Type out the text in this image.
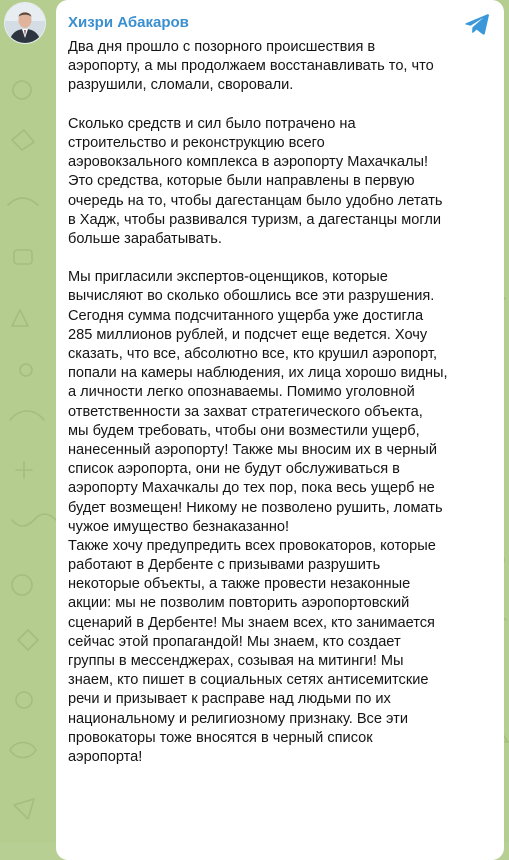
Хизри Абакаров
Два дня прошло с позорного происшествия в
аэропорту, а мы продолжаем восстанавливать то, что
разрушили, сломали, своровали.
Сколько средств и сил было потрачено на
строительство и реконструкцию всего
аэровокзального комплекса в аэропорту Махачкалы!
Это средства, которые были направлены в первую
очередь на то, чтобы дагестанцам было удобно летать
в Хадж, чтобы развивался туризм, а дагестанцы могли
больше зарабатывать.
Мы пригласили экспертов-оценщиков, которые
вычисляют во сколько обошлись все эти разрушения.
Сегодня сумма подсчитанного ущерба уже достигла
285 миллионов рублей, и подсчет еще ведется. Хочу
сказать, что все, абсолютно все, кто крушил аэропорт,
попали на камеры наблюдения, их лица хорошо видны,
а личности легко опознаваемы. Помимо уголовной
ответственности за захват стратегического объекта,
мы будем требовать, чтобы они возместили ущерб,
нанесенный аэропорту! Также мы вносим их в черный
список аэропорта, они не будут обслуживаться в
аэропорту Махачкалы до тех пор, пока весь ущерб не
будет возмещен! Никому не позволено рушить, ломать
чужое имущество безнаказанно!
Также хочу предупредить всех провокаторов, которые
работают в Дербенте с призывами разрушить
некоторые объекты, а также провести незаконные
акции: мы не позволим повторить аэропортовский
сценарий в Дербенте! Мы знаем всех, кто занимается
сейчас этой пропагандой! Мы знаем, кто создает
группы в мессенджерах, созывая на митинги! Мы
знаем, кто пишет в социальных сетях антисемитские
речи и призывает к расправе над людьми по их
национальному и религиозному признаку. Все эти
провокаторы тоже вносятся в черный список
аэропорта!
